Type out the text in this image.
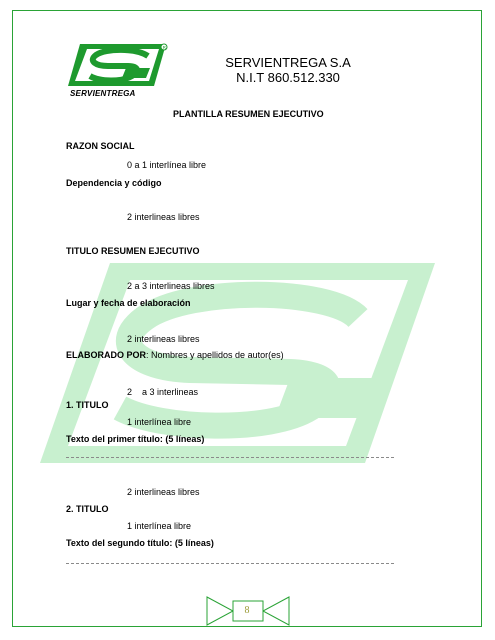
R
SERVIENTREGA
SERVIENTREGA S.A
N.I.T 860.512.330
PLANTILLA RESUMEN EJECUTIVO
RAZON SOCIAL
0 a 1 interlínea libre
Dependencia y código
2 interlineas libres
TITULO RESUMEN EJECUTIVO
2 a 3 interlineas libres
Lugar y fecha de elaboración
2 interlineas libres
ELABORADO POR: Nombres y apellidos de autor(es)
2    a 3 interlineas
1. TITULO
1 interlínea libre
Texto del primer título: (5 líneas)
2 interlineas libres
2. TITULO
1 interlínea libre
Texto del segundo título: (5 líneas)
8
